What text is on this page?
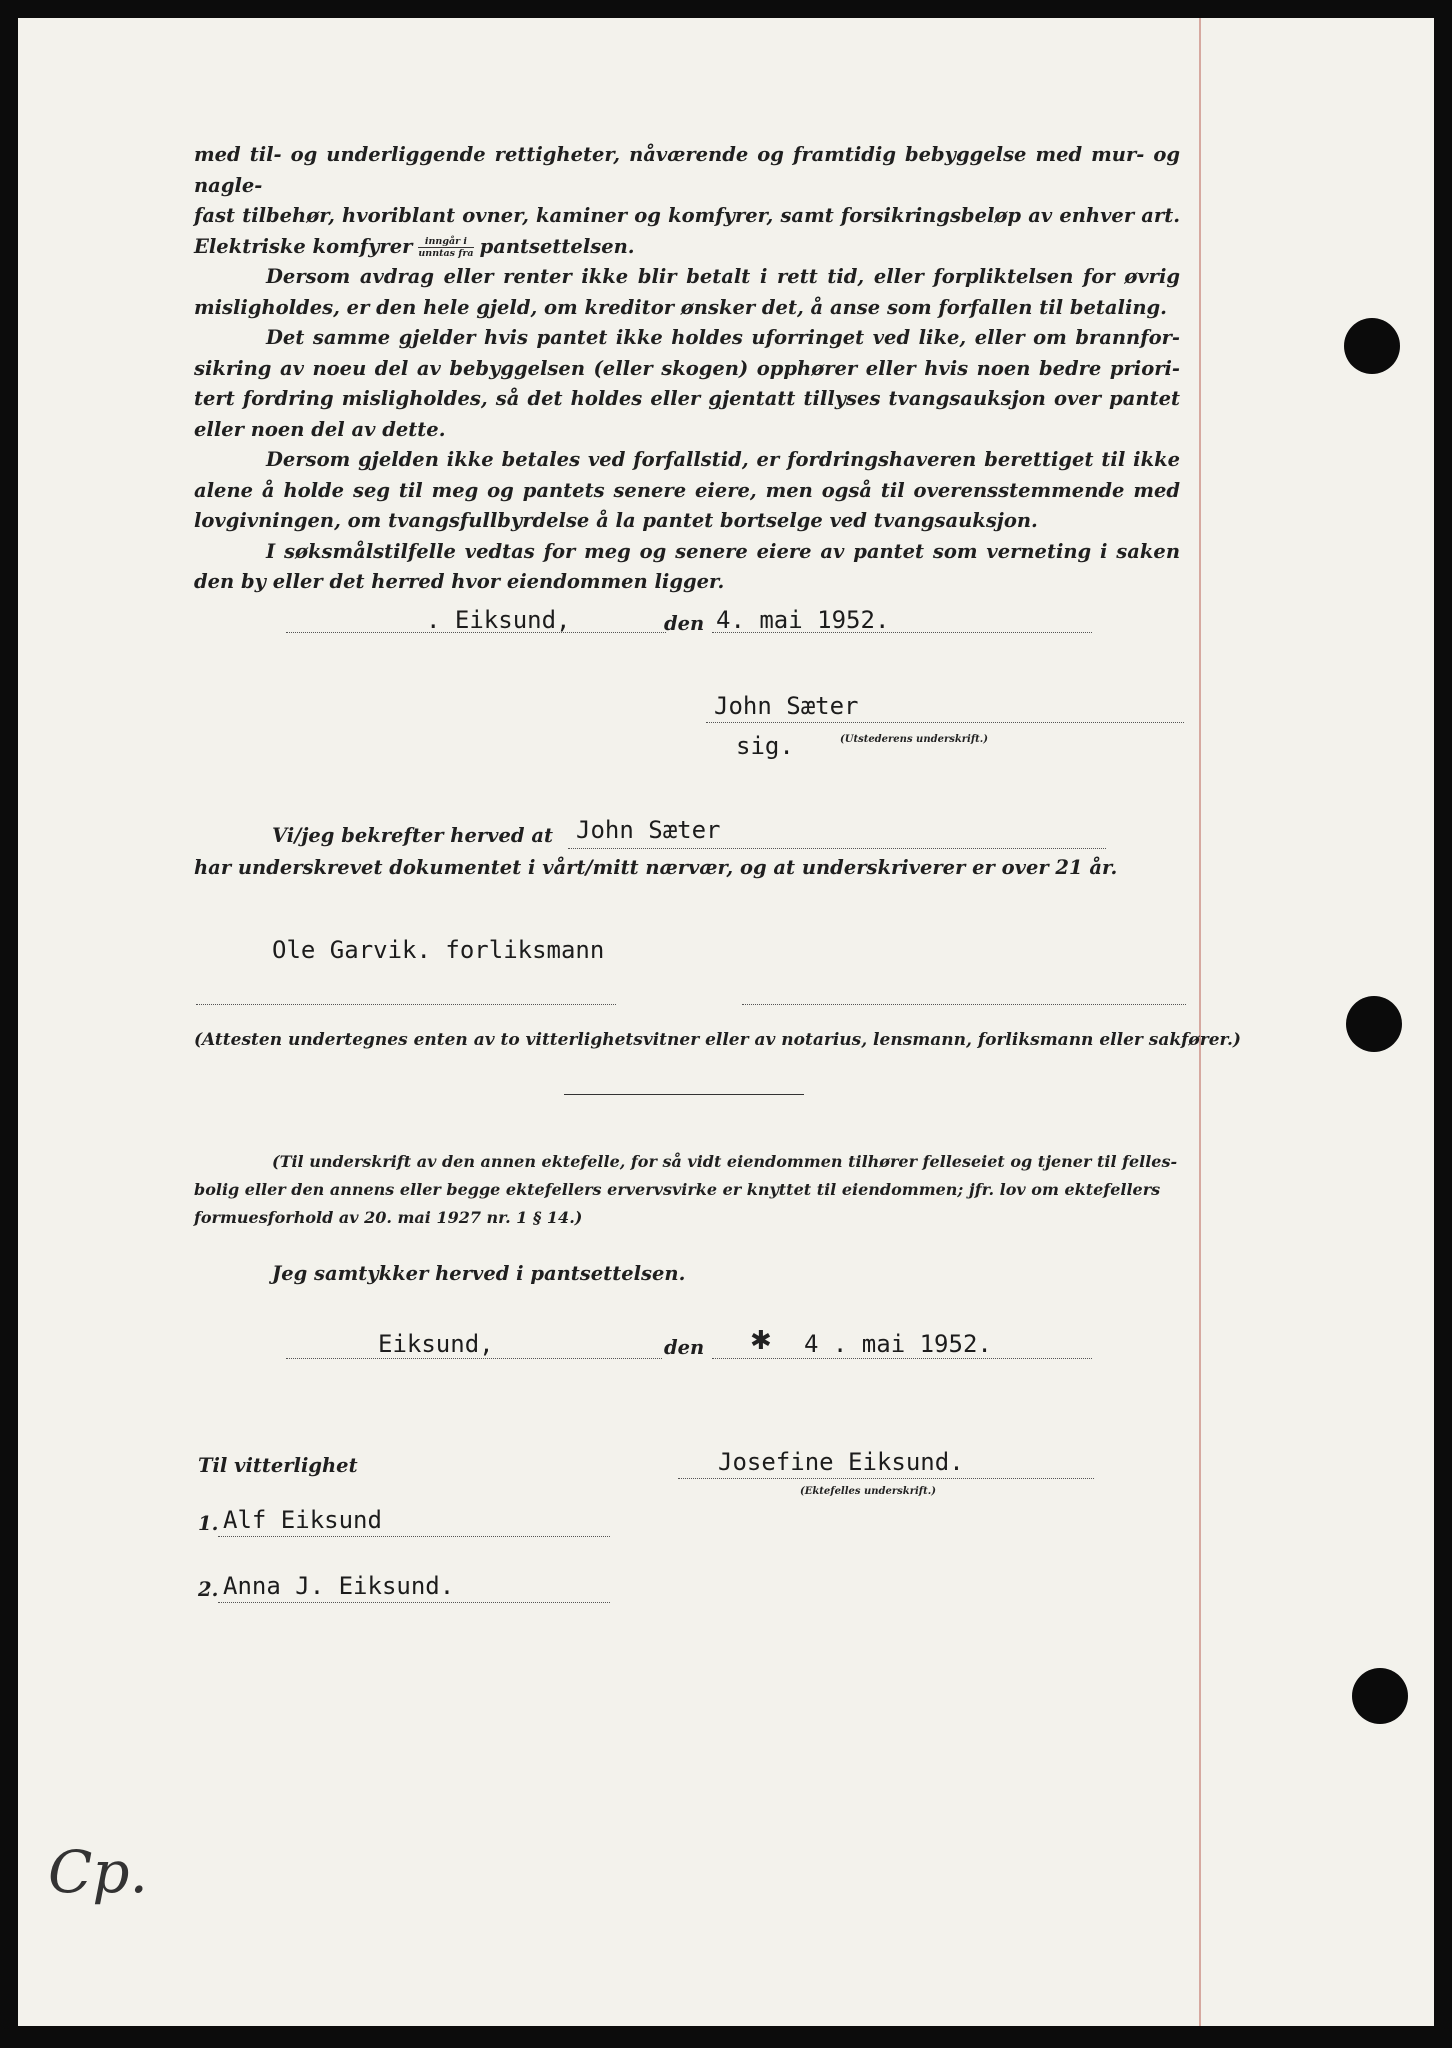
med til- og underliggende rettigheter, nåværende og framtidig bebyggelse med mur- og nagle-

fast tilbehør, hvoriblant ovner, kaminer og komfyrer, samt forsikringsbeløp av enhver art.

Elektriske komfyrer $\frac{\text{inngår i}}{\text{unntas fra}}$ pantsettelsen.

Dersom avdrag eller renter ikke blir betalt i rett tid, eller forpliktelsen for øvrig misligholdes, er den hele gjeld, om kreditor ønsker det, å anse som forfallen til betaling.

Det samme gjelder hvis pantet ikke holdes uforringet ved like, eller om brannfor-sikring av noeu del av bebyggelsen (eller skogen) opphører eller hvis noen bedre priori-tert fordring misligholdes, så det holdes eller gjentatt tillyses tvangsauksjon over pantet eller noen del av dette.

Dersom gjelden ikke betales ved forfallstid, er fordringshaveren berettiget til ikke alene å holde seg til meg og pantets senere eiere, men også til overensstemmende med lovgivningen, om tvangsfullbyrdelse å la pantet bortselge ved tvangsauksjon.

I søksmålstilfelle vedtas for meg og senere eiere av pantet som verneting i saken den by eller det herred hvor eiendommen ligger.

. Eiksund,	den 4. mai 1952.
John Sæter
sig.	(Utstederens underskrift.)
Vi/jeg bekrefter herved at John Sæter
har underskrevet dokumentet i vårt/mitt nærvær, og at underskriverer er over 21 år.
Ole Garvik. forliksmann
(Attesten undertegnes enten av to vitterlighetsvitner eller av notarius, lensmann, forliksmann eller sakfører.)
(Til underskrift av den annen ektefelle, for så vidt eiendommen tilhører felleseiet og tjener til felles-
bolig eller den annens eller begge ektefellers ervervsvirke er knyttet til eiendommen; jfr. lov om ektefellers
formuesforhold av 20. mai 1927 nr. 1 § 14.)
Jeg samtykker herved i pantsettelsen.
Eiksund,	den ✱ 4 . mai 1952.
Til vitterlighet	Josefine Eiksund.
(Ektefelles underskrift.)
1. Alf Eiksund
2. Anna J. Eiksund.
Cp.
